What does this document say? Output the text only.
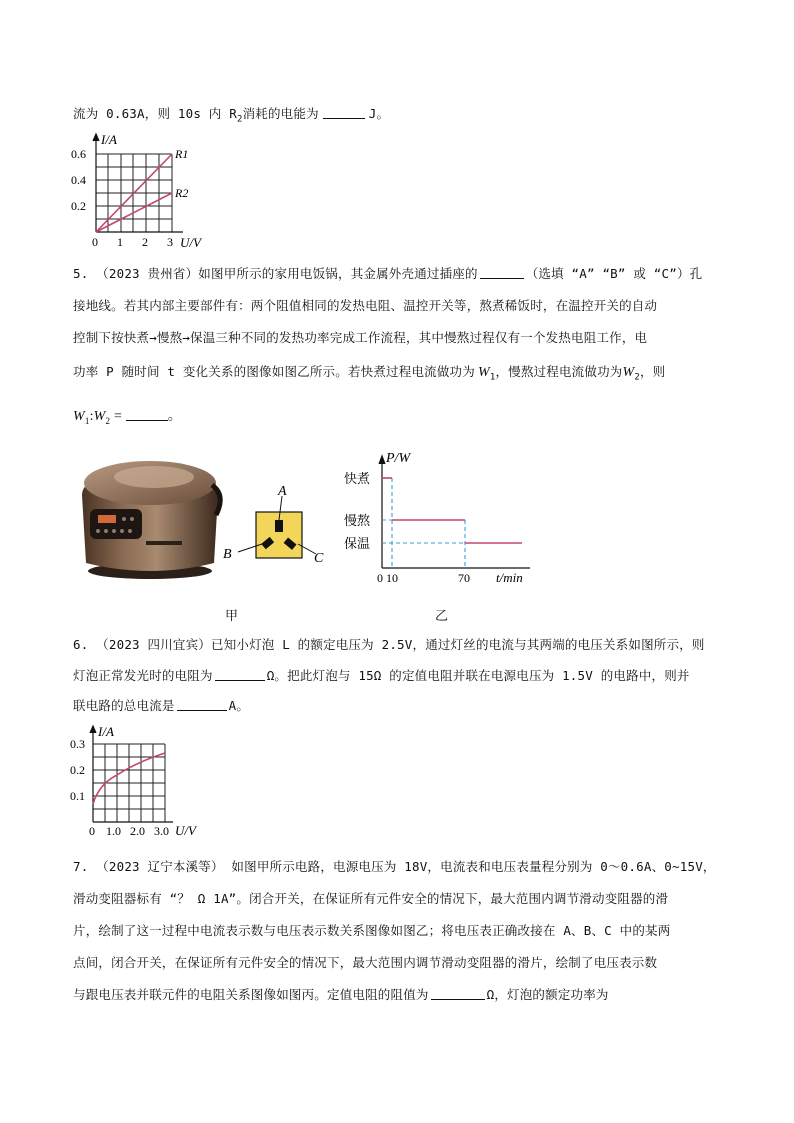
流为 0.63A，则 10s 内 $R_2$消耗的电能为	J。
I/A
0.6
0.4
0.2
0 1 2 3 U/V
R1
R2
5. （2023 贵州省）如图甲所示的家用电饭锅，其金属外壳通过插座的	（选填 “A” “B” 或 “C”）孔
接地线。若其内部主要部件有：两个阻值相同的发热电阻、温控开关等，熬煮稀饭时，在温控开关的自动
控制下按快煮→慢熬→保温三种不同的发热功率完成工作流程，其中慢熬过程仅有一个发热电阻工作，电
功率 P 随时间 t 变化关系的图像如图乙所示。若快煮过程电流做功为 $W_1$，慢熬过程电流做功为$W_2$，则
$W_1:W_2$ =	。
A
B	C
P/W
快煮
慢熬
保温
0 10	70 t/min
甲	乙
6. （2023 四川宜宾）已知小灯泡 L 的额定电压为 2.5V，通过灯丝的电流与其两端的电压关系如图所示，则
灯泡正常发光时的电阻为	Ω。把此灯泡与 15Ω 的定值电阻并联在电源电压为 1.5V 的电路中，则并
联电路的总电流是	A。
I/A
0.3
0.2
0.1
0 1.0 2.0 3.0 U/V
7. （2023 辽宁本溪等） 如图甲所示电路，电源电压为 18V，电流表和电压表量程分别为 0～0.6A、0~15V，
滑动变阻器标有 “？ Ω 1A”。闭合开关，在保证所有元件安全的情况下，最大范围内调节滑动变阻器的滑
片，绘制了这一过程中电流表示数与电压表示数关系图像如图乙；将电压表正确改接在 A、B、C 中的某两
点间，闭合开关，在保证所有元件安全的情况下，最大范围内调节滑动变阻器的滑片，绘制了电压表示数
与跟电压表并联元件的电阻关系图像如图丙。定值电阻的阻值为	Ω，灯泡的额定功率为
